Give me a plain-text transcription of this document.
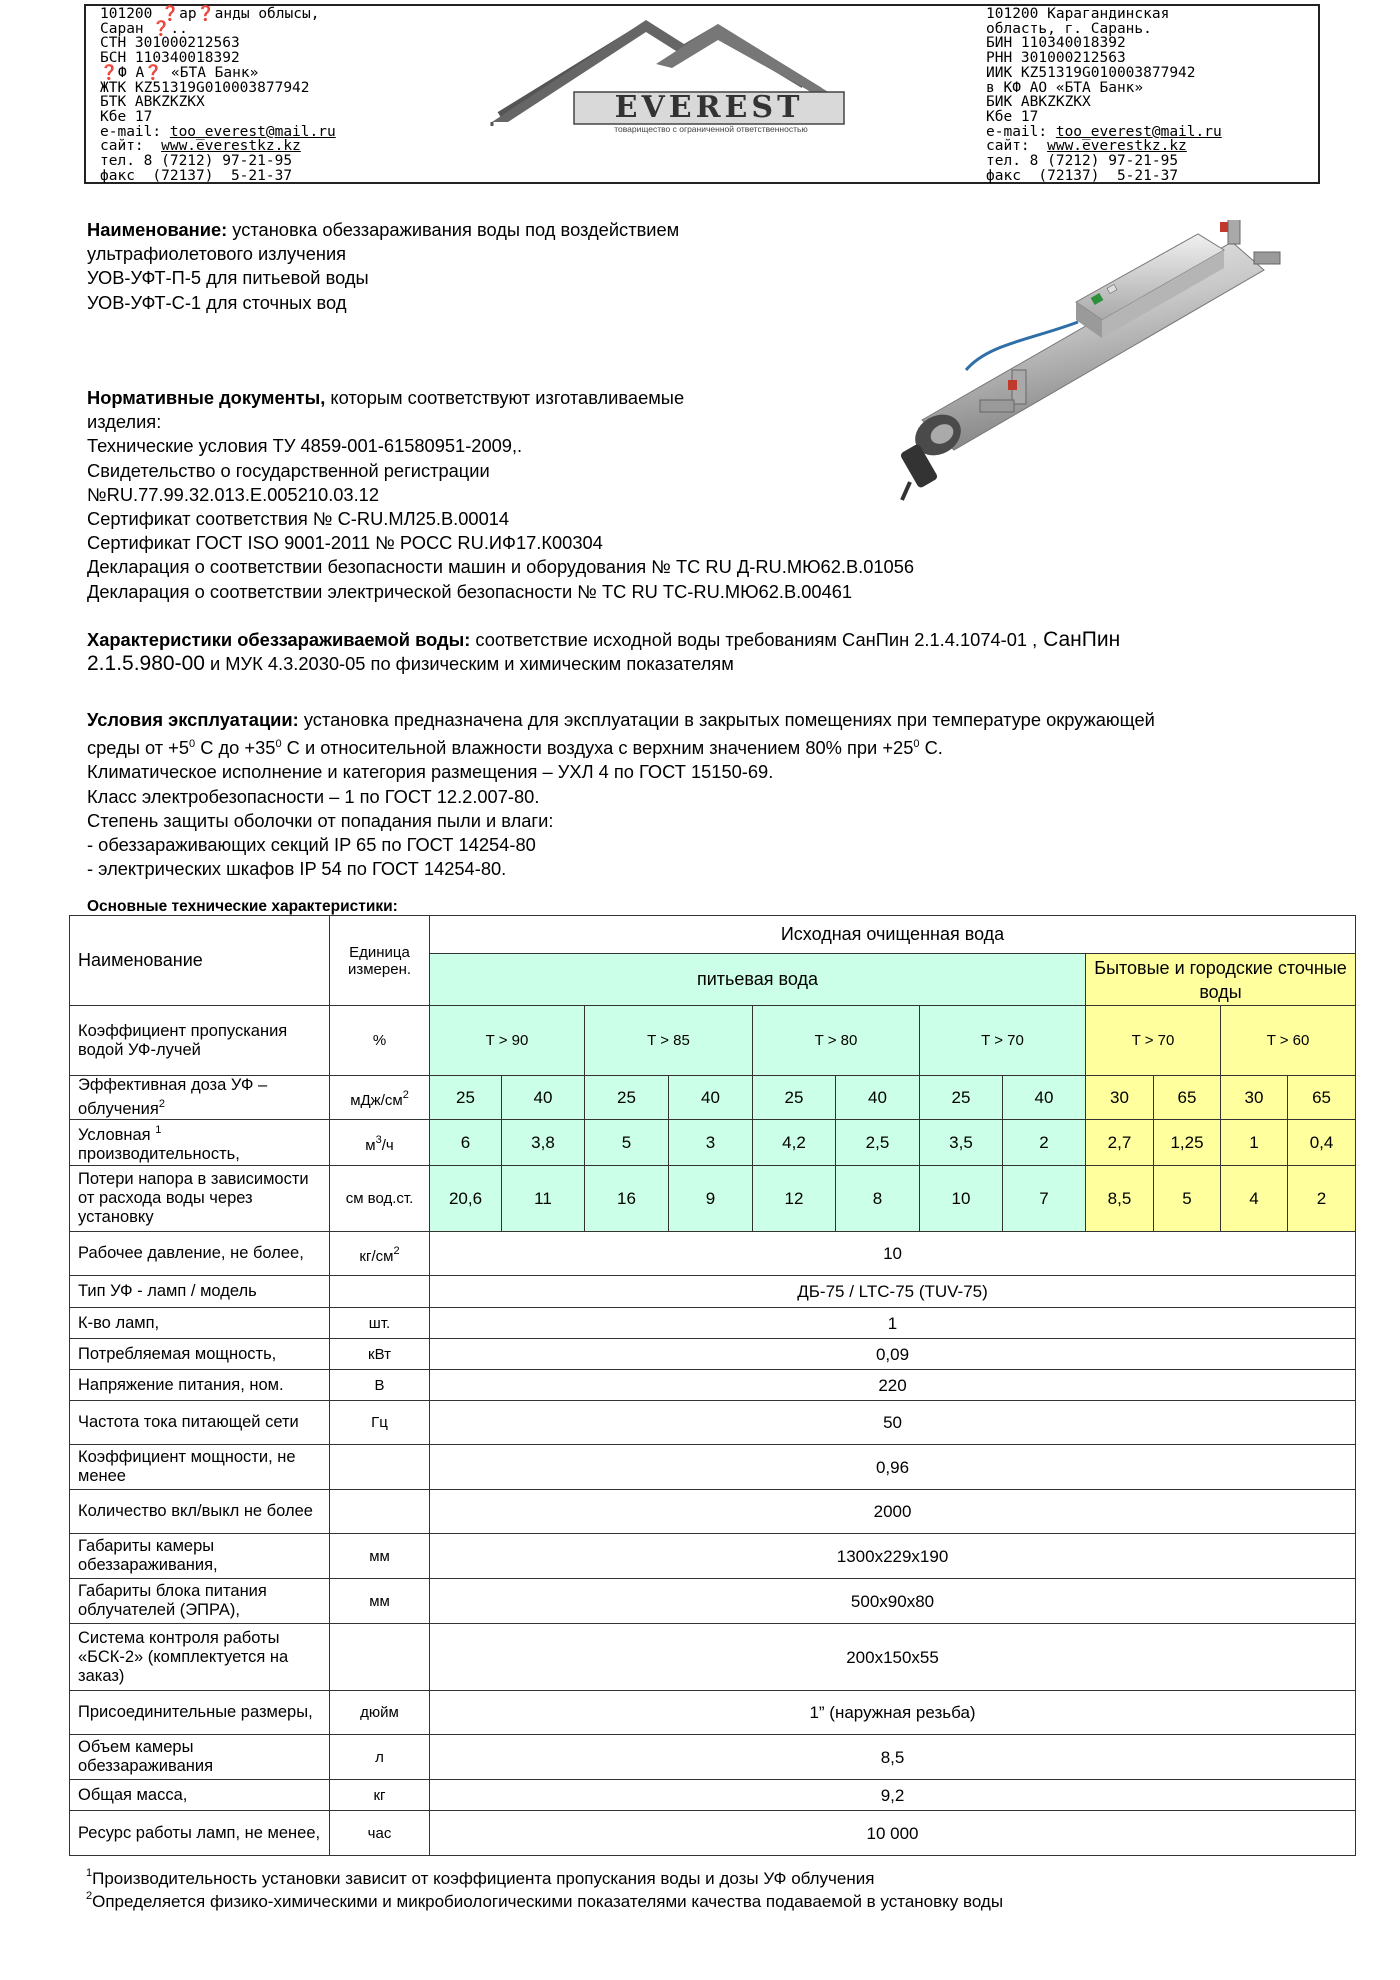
101200 ❓ар❓анды облысы,
Саран ❓..
СТН 301000212563
БСН 110340018392
❓Ф А❓ «БТА Банк»
ЖТК KZ51319G010003877942
БТК ABKZKZKX
Кбе 17
e-mail: too_everest@mail.ru
сайт:  www.everestkz.kz
тел. 8 (7212) 97-21-95
факс  (72137)  5-21-37
EVEREST
товарищество с ограниченной ответственностью
101200 Карагандинская
область, г. Сарань.
БИН 110340018392
РНН 301000212563
ИИК KZ51319G010003877942
в КФ АО «БТА Банк»
БИК ABKZKZKX
Кбе 17
e-mail: too_everest@mail.ru
сайт:  www.everestkz.kz
тел. 8 (7212) 97-21-95
факс  (72137)  5-21-37

Наименование: установка обеззараживания воды под воздействием

ультрафиолетового излучения

УОВ-УФТ-П-5 для питьевой воды

УОВ-УФТ-С-1 для сточных вод

Нормативные документы, которым соответствуют изготавливаемые

изделия:

Технические условия ТУ 4859-001-61580951-2009,.

Свидетельство о государственной регистрации

№RU.77.99.32.013.Е.005210.03.12

Сертификат соответствия № C-RU.МЛ25.В.00014

Сертификат ГОСТ ISO 9001-2011 № РОСС RU.ИФ17.К00304

Декларация о соответствии безопасности машин и оборудования № ТС RU Д-RU.МЮ62.В.01056

Декларация о соответствии электрической безопасности № ТС RU ТС-RU.МЮ62.В.00461

Характеристики обеззараживаемой воды: соответствие исходной воды требованиям СанПин 2.1.4.1074-01 , СанПин

2.1.5.980-00 и МУК 4.3.2030-05 по физическим и химическим показателям

Условия эксплуатации: установка предназначена для эксплуатации в закрытых помещениях при температуре окружающей

среды от $+5^0$ C до $+35^0$ C и относительной влажности воздуха с верхним значением 80% при $+25^0$ C.

Климатическое исполнение и категория размещения – УХЛ 4 по ГОСТ 15150-69.

Класс электробезопасности – 1 по ГОСТ 12.2.007-80.

Степень защиты оболочки от попадания пыли и влаги:

- обеззараживающих секций IP 65 по ГОСТ 14254-80

- электрических шкафов IP 54 по ГОСТ 14254-80.

Основные технические характеристики:
Наименование	Единица измерен.	Исходная очищенная вода											
		питьевая вода								Бытовые и городские сточные воды			
Коэффициент пропускания водой УФ-лучей	%	T > 90		T > 85		T > 80		T > 70		T > 70		T > 60	
Эффективная доза УФ – облучения$^2$	мДж/$см^2$	25	40	25	40	25	40	25	40	30	65	30	65
Условная $^1$
производительность,	$м^3/ч$	6	3,8	5	3	4,2	2,5	3,5	2	2,7	1,25	1	0,4
Потери напора в зависимости от расхода воды через установку	см вод.ст.	20,6	11	16	9	12	8	10	7	8,5	5	4	2
Рабочее давление, не более,	$кг/см^2$	10											
Тип УФ - ламп / модель		ДБ-75 / LTC-75 (TUV-75)											
К-во ламп,	шт.	1											
Потребляемая мощность,	кВт	0,09											
Напряжение питания, ном.	В	220											
Частота тока питающей сети	Гц	50											
Коэффициент мощности, не менее		0,96											
Количество вкл/выкл не более		2000											
Габариты камеры обеззараживания,	мм	1300x229x190											
Габариты блока питания облучателей (ЭПРА),	мм	500x90x80											
Система контроля работы «БСК-2» (комплектуется на заказ)		200x150x55											
Присоединительные размеры,	дюйм	1” (наружная резьба)											
Объем камеры обеззараживания	л	8,5											
Общая масса,	кг	9,2											
Ресурс работы ламп, не менее,	час	10 000											
$^1$Производительность установки зависит от коэффициента пропускания воды и дозы УФ облучения
$^2$Определяется физико-химическими и микробиологическими показателями качества подаваемой в установку воды
